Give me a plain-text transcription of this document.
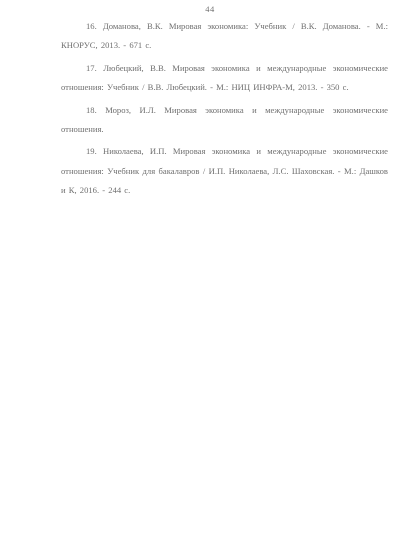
44

16. Доманова, В.К. Мировая экономика: Учебник / В.К. Доманова. - М.: КНОРУС, 2013. - 671 с.

17. Любецкий, В.В. Мировая экономика и международные экономические отношения: Учебник / В.В. Любецкий. - М.: НИЦ ИНФРА-М, 2013. - 350 с.

18. Мороз, И.Л. Мировая экономика и международные экономические отношения.

19. Николаева, И.П. Мировая экономика и международные экономические отношения: Учебник для бакалавров / И.П. Николаева, Л.С. Шаховская. - М.: Дашков и К, 2016. - 244 с.
